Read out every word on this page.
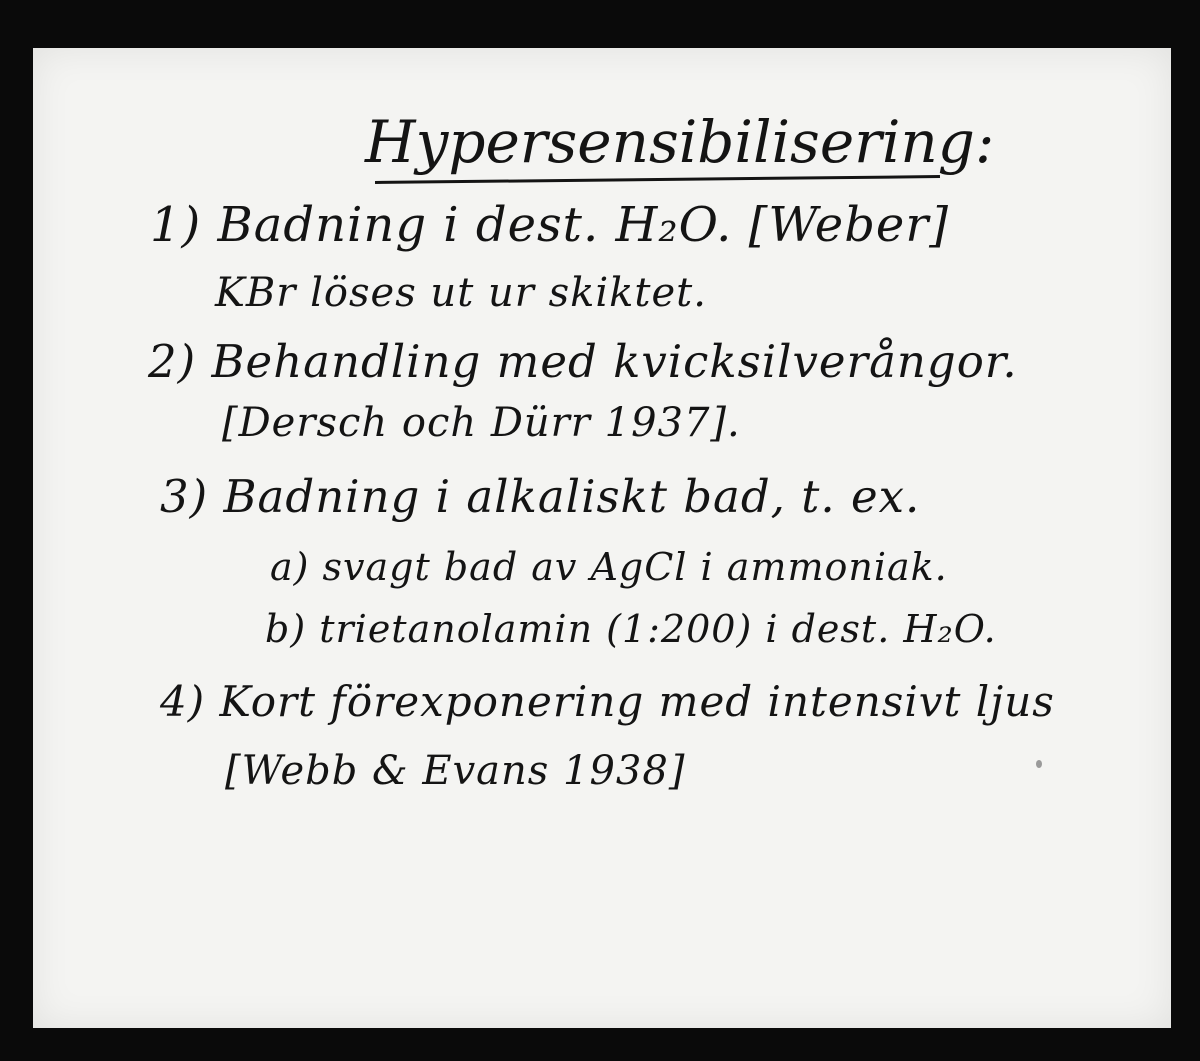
Hypersensibilisering:
1) Badning i dest. H₂O. [Weber]
KBr löses ut ur skiktet.
2) Behandling med kvicksilverångor.
[Dersch och Dürr 1937].
3) Badning i alkaliskt bad, t. ex.
a) svagt bad av AgCl i ammoniak.
b) trietanolamin (1:200) i dest. H₂O.
4) Kort förexponering med intensivt ljus
[Webb & Evans 1938]
